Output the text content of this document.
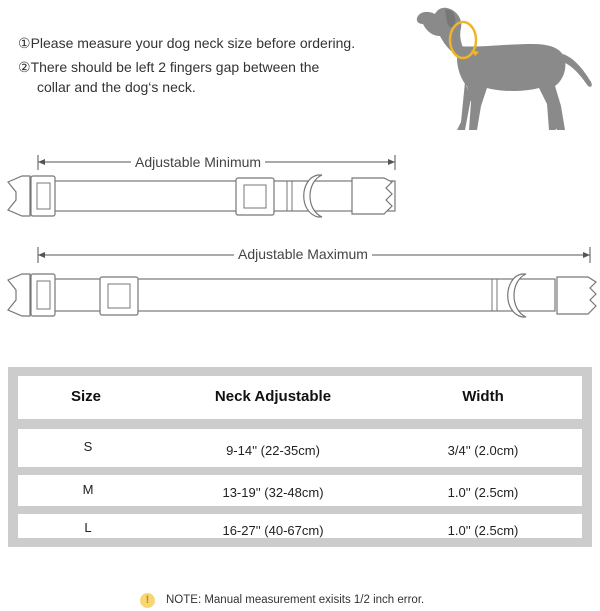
①Please measure your dog neck size before ordering.
②There should be left 2 fingers gap between the
collar and the dog‘s neck.
Adjustable Minimum
Adjustable Maximum
Size	Neck Adjustable	Width
S	9-14'' (22-35cm)	3/4'' (2.0cm)
M	13-19'' (32-48cm)	1.0'' (2.5cm)
L	16-27'' (40-67cm)	1.0'' (2.5cm)
!	NOTE: Manual measurement exisits 1/2 inch error.
